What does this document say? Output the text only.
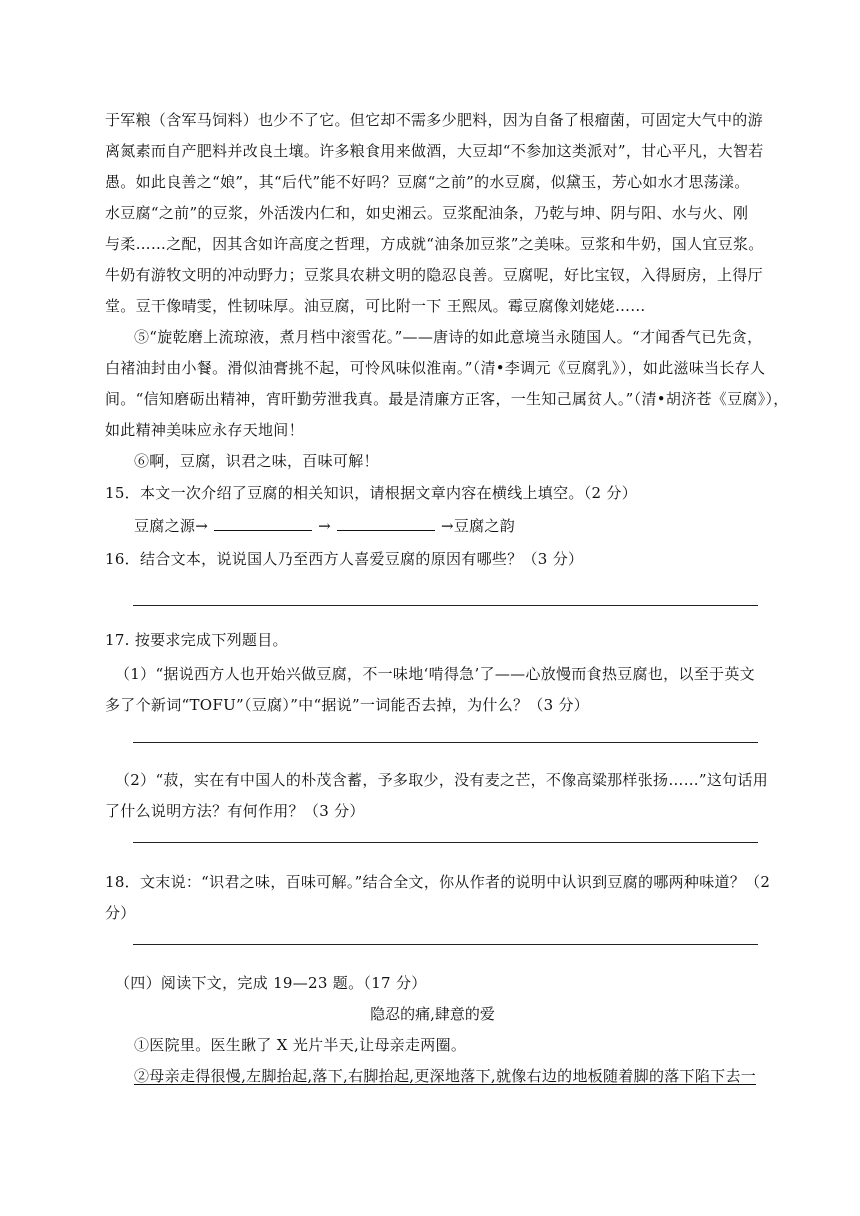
于军粮（含军马饲料）也少不了它。但它却不需多少肥料，因为自备了根瘤菌，可固定大气中的游
离氮素而自产肥料并改良土壤。许多粮食用来做酒，大豆却“不参加这类派对”，甘心平凡，大智若
愚。如此良善之“娘”，其“后代”能不好吗？豆腐“之前”的水豆腐，似黛玉，芳心如水才思荡漾。
水豆腐“之前”的豆浆，外活泼内仁和，如史湘云。豆浆配油条，乃乾与坤、阴与阳、水与火、刚
与柔……之配，因其含如许高度之哲理，方成就“油条加豆浆”之美味。豆浆和牛奶，国人宜豆浆。
牛奶有游牧文明的冲动野力；豆浆具农耕文明的隐忍良善。豆腐呢，好比宝钗，入得厨房，上得厅
堂。豆干像晴雯，性韧味厚。油豆腐，可比附一下 王熙凤。霉豆腐像刘姥姥……
⑤“旋乾磨上流琼液，煮月档中滚雪花。”——唐诗的如此意境当永随国人。“才闻香气已先贪，
白褚油封由小餐。滑似油膏挑不起，可怜风味似淮南。”（清•李调元《豆腐乳》），如此滋味当长存人
间。“信知磨砺出精神，宵旰勤劳泄我真。最是清廉方正客，一生知己属贫人。”（清•胡济苍《豆腐》），
如此精神美味应永存天地间！
⑥啊，豆腐，识君之味，百味可解！
15．本文一次介绍了豆腐的相关知识，请根据文章内容在横线上填空。（2 分）
豆腐之源→	→	→豆腐之韵
16．结合文本，说说国人乃至西方人喜爱豆腐的原因有哪些？（3 分）
17. 按要求完成下列题目。
（1）“据说西方人也开始兴做豆腐，不一味地‘啃得急’了——心放慢而食热豆腐也，以至于英文
多了个新词“TOFU”（豆腐）”中“据说”一词能否去掉，为什么？（3 分）
（2）“菽，实在有中国人的朴茂含蓄，予多取少，没有麦之芒，不像高粱那样张扬……”这句话用
了什么说明方法？有何作用？（3 分）
18．文末说：“识君之味，百味可解。”结合全文，你从作者的说明中认识到豆腐的哪两种味道？（2
分）
（四）阅读下文，完成 19—23 题。（17 分）
隐忍的痛,肆意的爱
①医院里。医生瞅了 X 光片半天,让母亲走两圈。
②母亲走得很慢,左脚抬起,落下,右脚抬起,更深地落下,就像右边的地板随着脚的落下陷下去一
